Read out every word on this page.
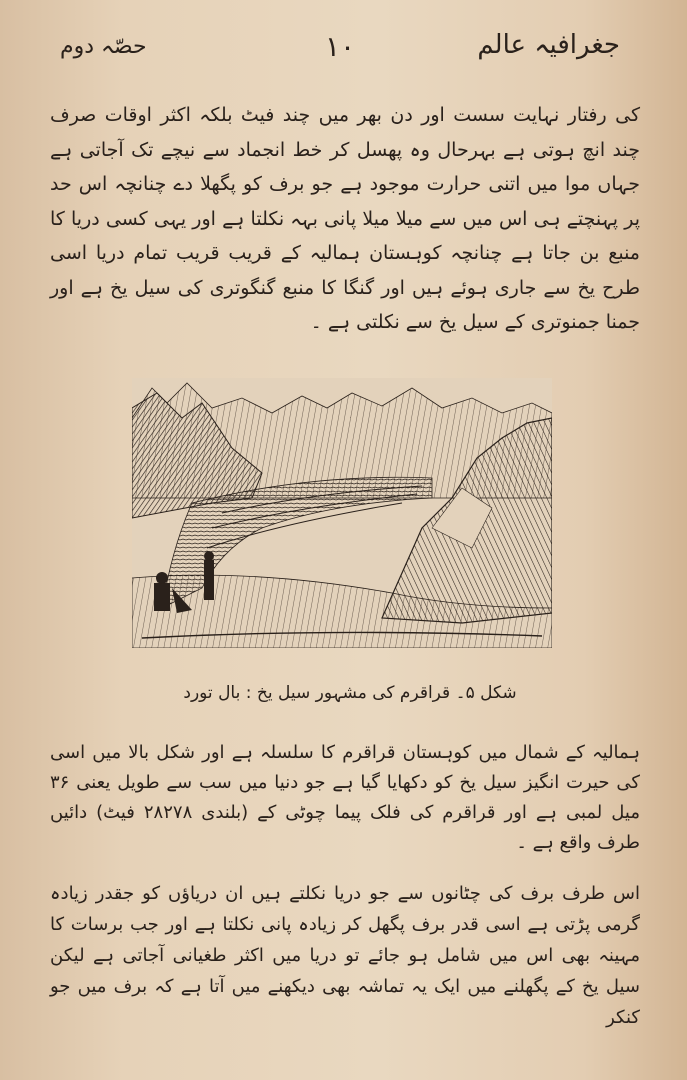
جغرافیہ عالم
۱۰
حصّہ دوم

کی رفتار نہایت سست اور دن بھر میں چند فیٹ بلکہ اکثر اوقات صرف چند انچ ہوتی ہے بہرحال وہ پھسل کر خط انجماد سے نیچے تک آجاتی ہے جہاں موا میں اتنی حرارت موجود ہے جو برف کو پگھلا دے چنانچہ اس حد پر پہنچتے ہی اس میں سے میلا میلا پانی بہہ نکلتا ہے اور یہی کسی دریا کا منبع بن جاتا ہے چنانچہ کوہستان ہمالیہ کے قریب قریب تمام دریا اسی طرح یخ سے جاری ہوئے ہیں اور گنگا کا منبع گنگوتری کی سیل یخ ہے اور جمنا جمنوتری کے سیل یخ سے نکلتی ہے ۔

شکل ۵۔ قراقرم کی مشہور سیل یخ : بال تورد

ہمالیہ کے شمال میں کوہستان قراقرم کا سلسلہ ہے اور شکل بالا میں اسی کی حیرت انگیز سیل یخ کو دکھایا گیا ہے جو دنیا میں سب سے طویل یعنی ۳۶ میل لمبی ہے اور قراقرم کی فلک پیما چوٹی کے (بلندی ۲۸۲۷۸ فیٹ) دائیں طرف واقع ہے ۔

اس طرف برف کی چٹانوں سے جو دریا نکلتے ہیں ان دریاؤں کو جقدر زیادہ گرمی پڑتی ہے اسی قدر برف پگھل کر زیادہ پانی نکلتا ہے اور جب برسات کا مہینہ بھی اس میں شامل ہو جائے تو دریا میں اکثر طغیانی آجاتی ہے لیکن سیل یخ کے پگھلنے میں ایک یہ تماشہ بھی دیکھنے میں آتا ہے کہ برف میں جو کنکر
